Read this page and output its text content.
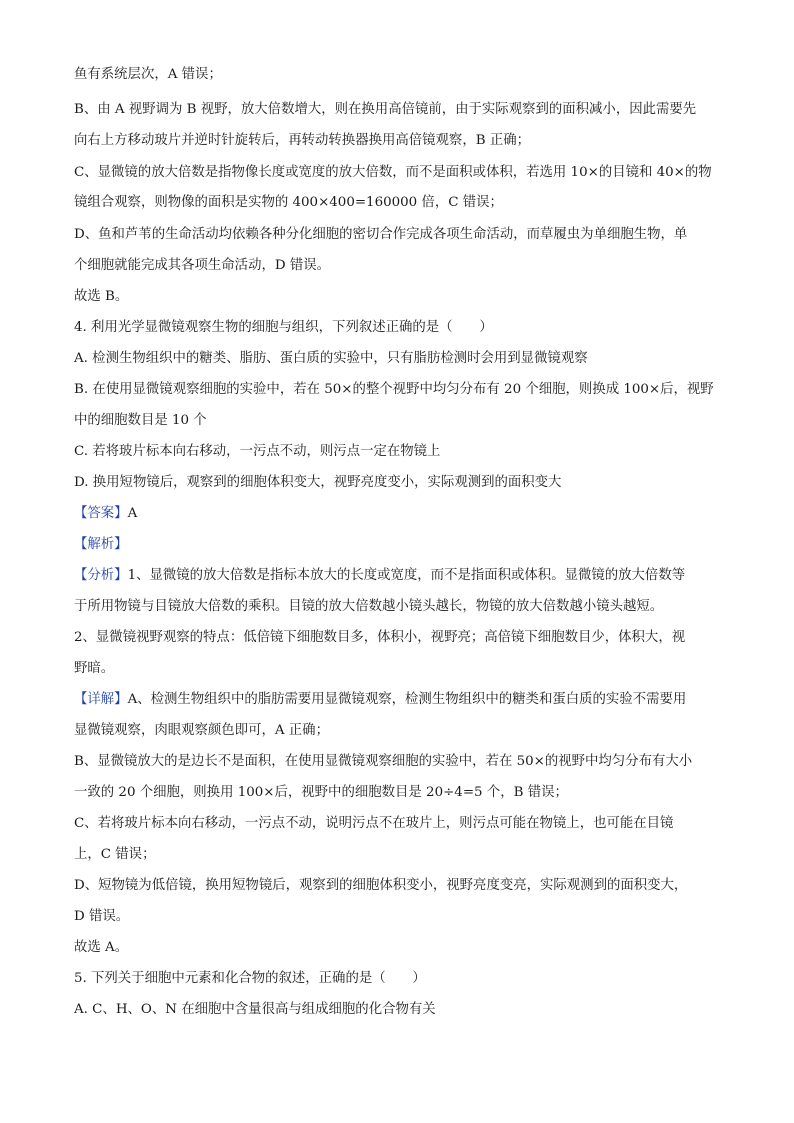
鱼有系统层次，A 错误；
B、由 A 视野调为 B 视野，放大倍数增大，则在换用高倍镜前，由于实际观察到的面积减小，因此需要先
向右上方移动玻片并逆时针旋转后，再转动转换器换用高倍镜观察，B 正确；
C、显微镜的放大倍数是指物像长度或宽度的放大倍数，而不是面积或体积，若选用 10×的目镜和 40×的物
镜组合观察，则物像的面积是实物的 400×400=160000 倍，C 错误；
D、鱼和芦苇的生命活动均依赖各种分化细胞的密切合作完成各项生命活动，而草履虫为单细胞生物，单
个细胞就能完成其各项生命活动，D 错误。
故选 B。
4. 利用光学显微镜观察生物的细胞与组织，下列叙述正确的是（　　）
A. 检测生物组织中的糖类、脂肪、蛋白质的实验中，只有脂肪检测时会用到显微镜观察
B. 在使用显微镜观察细胞的实验中，若在 50×的整个视野中均匀分布有 20 个细胞，则换成 100×后，视野
中的细胞数目是 10 个
C. 若将玻片标本向右移动，一污点不动，则污点一定在物镜上
D. 换用短物镜后，观察到的细胞体积变大，视野亮度变小，实际观测到的面积变大
【答案】A
【解析】
【分析】1、显微镜的放大倍数是指标本放大的长度或宽度，而不是指面积或体积。显微镜的放大倍数等
于所用物镜与目镜放大倍数的乘积。目镜的放大倍数越小镜头越长，物镜的放大倍数越小镜头越短。
2、显微镜视野观察的特点：低倍镜下细胞数目多，体积小，视野亮；高倍镜下细胞数目少，体积大，视
野暗。
【详解】A、检测生物组织中的脂肪需要用显微镜观察，检测生物组织中的糖类和蛋白质的实验不需要用
显微镜观察，肉眼观察颜色即可，A 正确；
B、显微镜放大的是边长不是面积，在使用显微镜观察细胞的实验中，若在 50×的视野中均匀分布有大小
一致的 20 个细胞，则换用 100×后，视野中的细胞数目是 20÷4=5 个，B 错误；
C、若将玻片标本向右移动，一污点不动，说明污点不在玻片上，则污点可能在物镜上，也可能在目镜
上，C 错误；
D、短物镜为低倍镜，换用短物镜后，观察到的细胞体积变小，视野亮度变亮，实际观测到的面积变大，
D 错误。
故选 A。
5. 下列关于细胞中元素和化合物的叙述，正确的是（　　）
A. C、H、O、N 在细胞中含量很高与组成细胞的化合物有关
